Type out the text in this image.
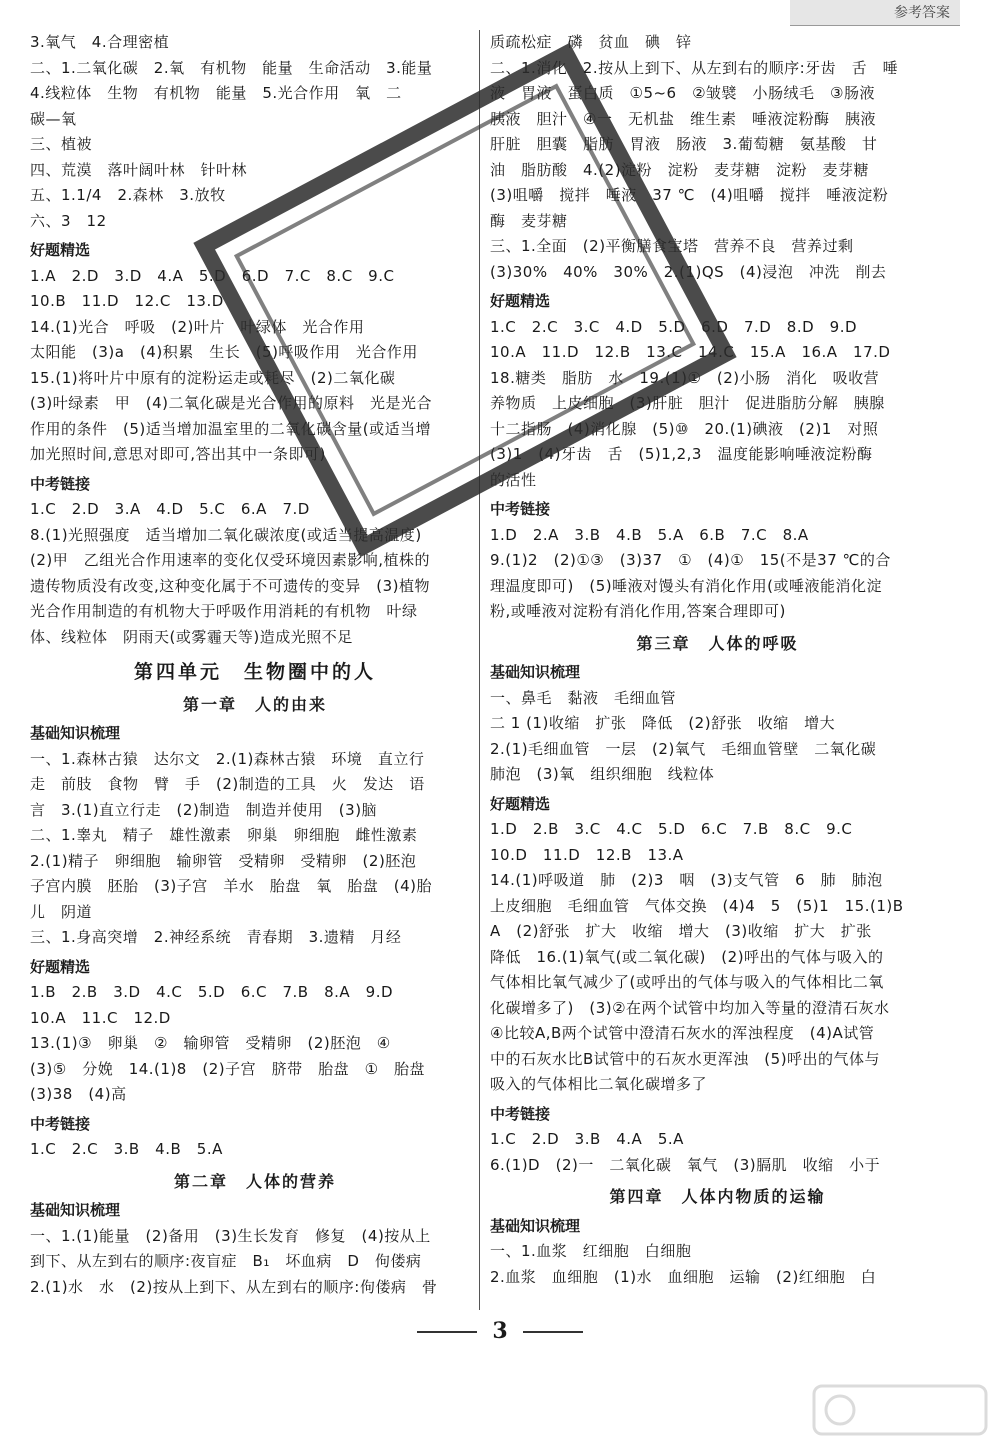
参考答案
3.氧气　4.合理密植
二、1.二氧化碳　2.氧　有机物　能量　生命活动　3.能量
4.线粒体　生物　有机物　能量　5.光合作用　氧　二
碳—氧
三、植被
四、荒漠　落叶阔叶林　针叶林
五、1.1/4　2.森林　3.放牧
六、3　12
好题精选
1.A　2.D　3.D　4.A　5.D　6.D　7.C　8.C　9.C
10.B　11.D　12.C　13.D
14.(1)光合　呼吸　(2)叶片　叶绿体　光合作用
太阳能　(3)a　(4)积累　生长　(5)呼吸作用　光合作用
15.(1)将叶片中原有的淀粉运走或耗尽　(2)二氧化碳
(3)叶绿素　甲　(4)二氧化碳是光合作用的原料　光是光合
作用的条件　(5)适当增加温室里的二氧化碳含量(或适当增
加光照时间,意思对即可,答出其中一条即可)
中考链接
1.C　2.D　3.A　4.D　5.C　6.A　7.D
8.(1)光照强度　适当增加二氧化碳浓度(或适当提高温度)
(2)甲　乙组光合作用速率的变化仅受环境因素影响,植株的
遗传物质没有改变,这种变化属于不可遗传的变异　(3)植物
光合作用制造的有机物大于呼吸作用消耗的有机物　叶绿
体、线粒体　阴雨天(或雾霾天等)造成光照不足
第四单元　生物圈中的人
第一章　人的由来
基础知识梳理
一、1.森林古猿　达尔文　2.(1)森林古猿　环境　直立行
走　前肢　食物　臂　手　(2)制造的工具　火　发达　语
言　3.(1)直立行走　(2)制造　制造并使用　(3)脑
二、1.睾丸　精子　雄性激素　卵巢　卵细胞　雌性激素
2.(1)精子　卵细胞　输卵管　受精卵　受精卵　(2)胚泡
子宫内膜　胚胎　(3)子宫　羊水　胎盘　氧　胎盘　(4)胎
儿　阴道
三、1.身高突增　2.神经系统　青春期　3.遗精　月经
好题精选
1.B　2.B　3.D　4.C　5.D　6.C　7.B　8.A　9.D
10.A　11.C　12.D
13.(1)③　卵巢　②　输卵管　受精卵　(2)胚泡　④
(3)⑤　分娩　14.(1)8　(2)子宫　脐带　胎盘　①　胎盘
(3)38　(4)高
中考链接
1.C　2.C　3.B　4.B　5.A
第二章　人体的营养
基础知识梳理
一、1.(1)能量　(2)备用　(3)生长发育　修复　(4)按从上
到下、从左到右的顺序:夜盲症　B₁　坏血病　D　佝偻病
2.(1)水　水　(2)按从上到下、从左到右的顺序:佝偻病　骨
质疏松症　磷　贫血　碘　锌
二、1.消化　2.按从上到下、从左到右的顺序:牙齿　舌　唾
液　胃液　蛋白质　①5~6　②皱襞　小肠绒毛　③肠液
胰液　胆汁　④一　无机盐　维生素　唾液淀粉酶　胰液
肝脏　胆囊　脂肪　胃液　肠液　3.葡萄糖　氨基酸　甘
油　脂肪酸　4.(2)淀粉　淀粉　麦芽糖　淀粉　麦芽糖
(3)咀嚼　搅拌　唾液　37 ℃　(4)咀嚼　搅拌　唾液淀粉
酶　麦芽糖
三、1.全面　(2)平衡膳食宝塔　营养不良　营养过剩
(3)30%　40%　30%　2.(1)QS　(4)浸泡　冲洗　削去
好题精选
1.C　2.C　3.C　4.D　5.D　6.D　7.D　8.D　9.D
10.A　11.D　12.B　13.C　14.C　15.A　16.A　17.D
18.糖类　脂肪　水　19.(1)①　(2)小肠　消化　吸收营
养物质　上皮细胞　(3)肝脏　胆汁　促进脂肪分解　胰腺
十二指肠　(4)消化腺　(5)⑩　20.(1)碘液　(2)1　对照
(3)1　(4)牙齿　舌　(5)1,2,3　温度能影响唾液淀粉酶
的活性
中考链接
1.D　2.A　3.B　4.B　5.A　6.B　7.C　8.A
9.(1)2　(2)①③　(3)37　①　(4)①　15(不是37 ℃的合
理温度即可)　(5)唾液对馒头有消化作用(或唾液能消化淀
粉,或唾液对淀粉有消化作用,答案合理即可)
第三章　人体的呼吸
基础知识梳理
一、鼻毛　黏液　毛细血管
二 1 (1)收缩　扩张　降低　(2)舒张　收缩　增大
2.(1)毛细血管　一层　(2)氧气　毛细血管壁　二氧化碳
肺泡　(3)氧　组织细胞　线粒体
好题精选
1.D　2.B　3.C　4.C　5.D　6.C　7.B　8.C　9.C
10.D　11.D　12.B　13.A
14.(1)呼吸道　肺　(2)3　咽　(3)支气管　6　肺　肺泡
上皮细胞　毛细血管　气体交换　(4)4　5　(5)1　15.(1)B
A　(2)舒张　扩大　收缩　增大　(3)收缩　扩大　扩张
降低　16.(1)氧气(或二氧化碳)　(2)呼出的气体与吸入的
气体相比氧气减少了(或呼出的气体与吸入的气体相比二氧
化碳增多了)　(3)②在两个试管中均加入等量的澄清石灰水
④比较A,B两个试管中澄清石灰水的浑浊程度　(4)A试管
中的石灰水比B试管中的石灰水更浑浊　(5)呼出的气体与
吸入的气体相比二氧化碳增多了
中考链接
1.C　2.D　3.B　4.A　5.A
6.(1)D　(2)一　二氧化碳　氧气　(3)膈肌　收缩　小于
第四章　人体内物质的运输
基础知识梳理
一、1.血浆　红细胞　白细胞
2.血浆　血细胞　(1)水　血细胞　运输　(2)红细胞　白
3
